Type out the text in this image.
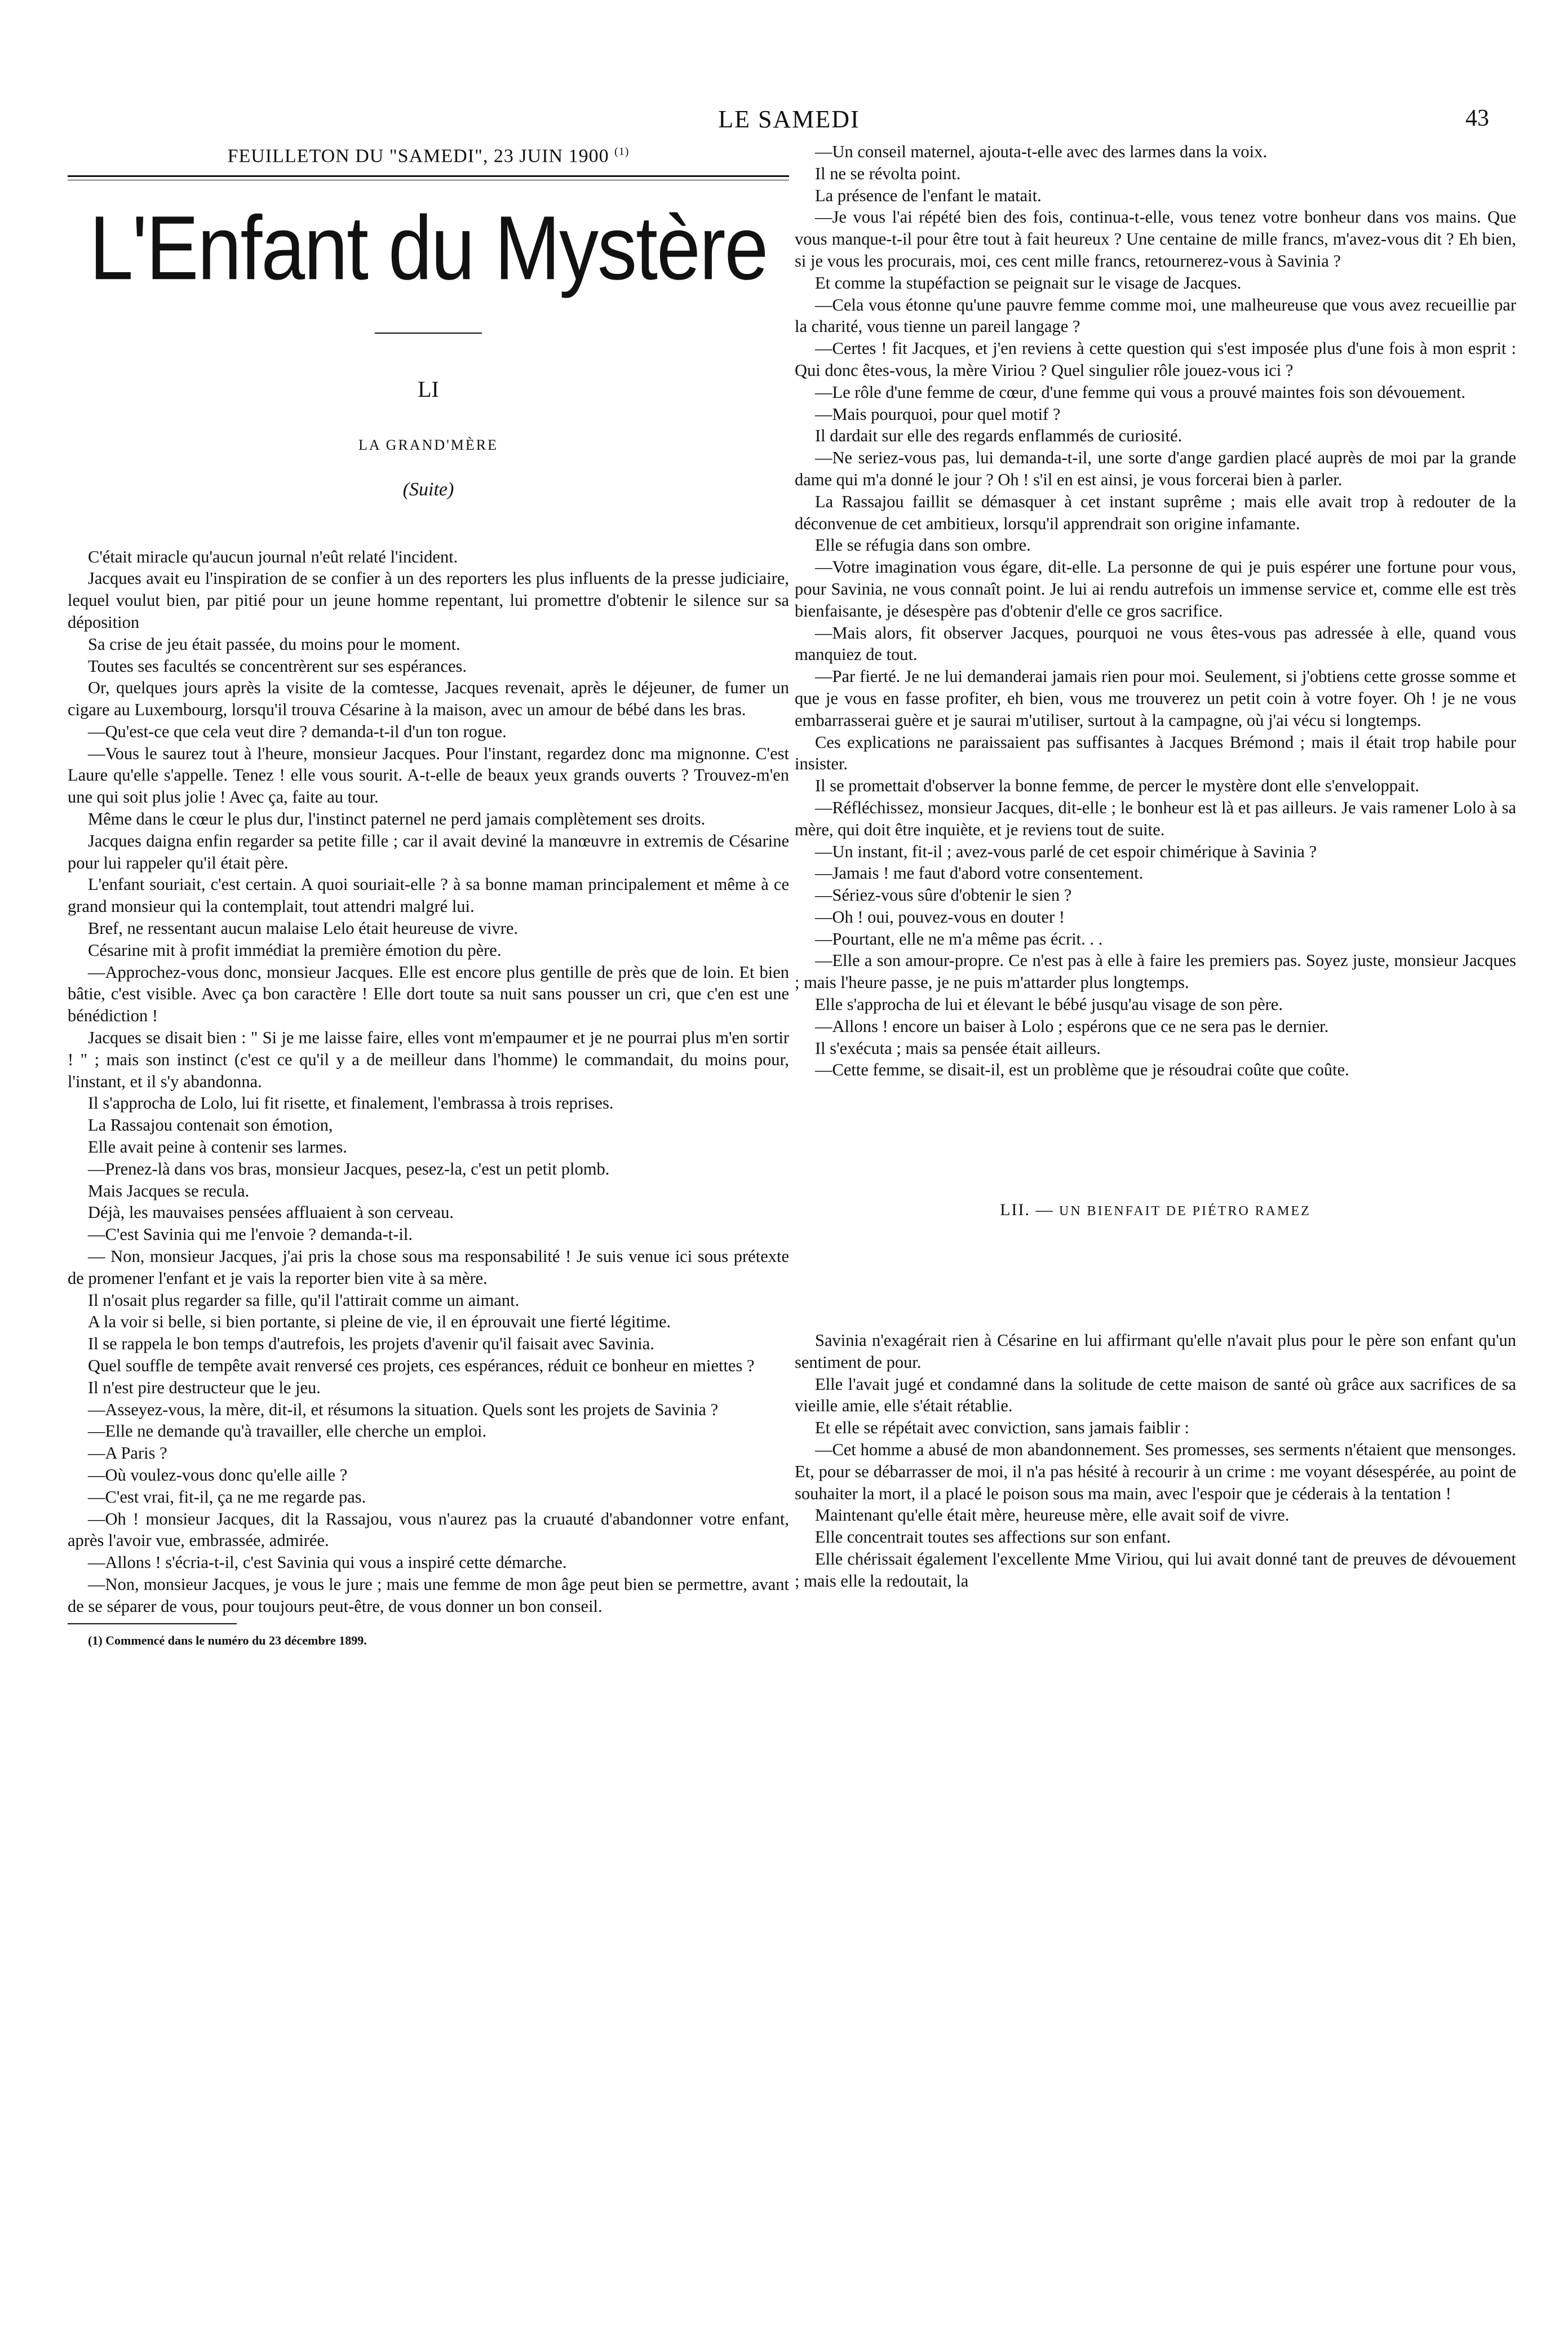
LE SAMEDI	43
FEUILLETON DU "SAMEDI", 23 JUIN 1900 $^{(1)}$
L'Enfant du Mystère
LI
LA GRAND'MÈRE
(Suite)

C'était miracle qu'aucun journal n'eût relaté l'incident.

Jacques avait eu l'inspiration de se confier à un des reporters les plus influents de la presse judiciaire, lequel voulut bien, par pitié pour un jeune homme repentant, lui promettre d'obtenir le silence sur sa déposition

Sa crise de jeu était passée, du moins pour le moment.

Toutes ses facultés se concentrèrent sur ses espérances.

Or, quelques jours après la visite de la comtesse, Jacques revenait, après le déjeuner, de fumer un cigare au Luxembourg, lorsqu'il trouva Césarine à la maison, avec un amour de bébé dans les bras.

—Qu'est-ce que cela veut dire ? demanda-t-il d'un ton rogue.

—Vous le saurez tout à l'heure, monsieur Jacques. Pour l'instant, regardez donc ma mignonne. C'est Laure qu'elle s'appelle. Tenez ! elle vous sourit. A-t-elle de beaux yeux grands ouverts ? Trouvez-m'en une qui soit plus jolie ! Avec ça, faite au tour.

Même dans le cœur le plus dur, l'instinct paternel ne perd jamais complètement ses droits.

Jacques daigna enfin regarder sa petite fille ; car il avait deviné la manœuvre in extremis de Césarine pour lui rappeler qu'il était père.

L'enfant souriait, c'est certain. A quoi souriait-elle ? à sa bonne maman principalement et même à ce grand monsieur qui la contemplait, tout attendri malgré lui.

Bref, ne ressentant aucun malaise Lelo était heureuse de vivre.

Césarine mit à profit immédiat la première émotion du père.

—Approchez-vous donc, monsieur Jacques. Elle est encore plus gentille de près que de loin. Et bien bâtie, c'est visible. Avec ça bon caractère ! Elle dort toute sa nuit sans pousser un cri, que c'en est une bénédiction !

Jacques se disait bien : " Si je me laisse faire, elles vont m'empaumer et je ne pourrai plus m'en sortir ! " ; mais son instinct (c'est ce qu'il y a de meilleur dans l'homme) le commandait, du moins pour, l'instant, et il s'y abandonna.

Il s'approcha de Lolo, lui fit risette, et finalement, l'embrassa à trois reprises.

La Rassajou contenait son émotion,

Elle avait peine à contenir ses larmes.

—Prenez-là dans vos bras, monsieur Jacques, pesez-la, c'est un petit plomb.

Mais Jacques se recula.

Déjà, les mauvaises pensées affluaient à son cerveau.

—C'est Savinia qui me l'envoie ? demanda-t-il.

— Non, monsieur Jacques, j'ai pris la chose sous ma responsabilité ! Je suis venue ici sous prétexte de promener l'enfant et je vais la reporter bien vite à sa mère.

Il n'osait plus regarder sa fille, qu'il l'attirait comme un aimant.

A la voir si belle, si bien portante, si pleine de vie, il en éprouvait une fierté légitime.

Il se rappela le bon temps d'autrefois, les projets d'avenir qu'il faisait avec Savinia.

Quel souffle de tempête avait renversé ces projets, ces espérances, réduit ce bonheur en miettes ?

Il n'est pire destructeur que le jeu.

—Asseyez-vous, la mère, dit-il, et résumons la situation. Quels sont les projets de Savinia ?

—Elle ne demande qu'à travailler, elle cherche un emploi.

—A Paris ?

—Où voulez-vous donc qu'elle aille ?

—C'est vrai, fit-il, ça ne me regarde pas.

—Oh ! monsieur Jacques, dit la Rassajou, vous n'aurez pas la cruauté d'abandonner votre enfant, après l'avoir vue, embrassée, admirée.

—Allons ! s'écria-t-il, c'est Savinia qui vous a inspiré cette démarche.

—Non, monsieur Jacques, je vous le jure ; mais une femme de mon âge peut bien se permettre, avant de se séparer de vous, pour toujours peut-être, de vous donner un bon conseil.

(1) Commencé dans le numéro du 23 décembre 1899.

—Un conseil maternel, ajouta-t-elle avec des larmes dans la voix.

Il ne se révolta point.

La présence de l'enfant le matait.

—Je vous l'ai répété bien des fois, continua-t-elle, vous tenez votre bonheur dans vos mains. Que vous manque-t-il pour être tout à fait heureux ? Une centaine de mille francs, m'avez-vous dit ? Eh bien, si je vous les procurais, moi, ces cent mille francs, retournerez-vous à Savinia ?

Et comme la stupéfaction se peignait sur le visage de Jacques.

—Cela vous étonne qu'une pauvre femme comme moi, une malheureuse que vous avez recueillie par la charité, vous tienne un pareil langage ?

—Certes ! fit Jacques, et j'en reviens à cette question qui s'est imposée plus d'une fois à mon esprit : Qui donc êtes-vous, la mère Viriou ? Quel singulier rôle jouez-vous ici ?

—Le rôle d'une femme de cœur, d'une femme qui vous a prouvé maintes fois son dévouement.

—Mais pourquoi, pour quel motif ?

Il dardait sur elle des regards enflammés de curiosité.

—Ne seriez-vous pas, lui demanda-t-il, une sorte d'ange gardien placé auprès de moi par la grande dame qui m'a donné le jour ? Oh ! s'il en est ainsi, je vous forcerai bien à parler.

La Rassajou faillit se démasquer à cet instant suprême ; mais elle avait trop à redouter de la déconvenue de cet ambitieux, lorsqu'il apprendrait son origine infamante.

Elle se réfugia dans son ombre.

—Votre imagination vous égare, dit-elle. La personne de qui je puis espérer une fortune pour vous, pour Savinia, ne vous connaît point. Je lui ai rendu autrefois un immense service et, comme elle est très bienfaisante, je désespère pas d'obtenir d'elle ce gros sacrifice.

—Mais alors, fit observer Jacques, pourquoi ne vous êtes-vous pas adressée à elle, quand vous manquiez de tout.

—Par fierté. Je ne lui demanderai jamais rien pour moi. Seulement, si j'obtiens cette grosse somme et que je vous en fasse profiter, eh bien, vous me trouverez un petit coin à votre foyer. Oh ! je ne vous embarrasserai guère et je saurai m'utiliser, surtout à la campagne, où j'ai vécu si longtemps.

Ces explications ne paraissaient pas suffisantes à Jacques Brémond ; mais il était trop habile pour insister.

Il se promettait d'observer la bonne femme, de percer le mystère dont elle s'enveloppait.

—Réfléchissez, monsieur Jacques, dit-elle ; le bonheur est là et pas ailleurs. Je vais ramener Lolo à sa mère, qui doit être inquiète, et je reviens tout de suite.

—Un instant, fit-il ; avez-vous parlé de cet espoir chimérique à Savinia ?

—Jamais ! me faut d'abord votre consentement.

—Sériez-vous sûre d'obtenir le sien ?

—Oh ! oui, pouvez-vous en douter !

—Pourtant, elle ne m'a même pas écrit. . .

—Elle a son amour-propre. Ce n'est pas à elle à faire les premiers pas. Soyez juste, monsieur Jacques ; mais l'heure passe, je ne puis m'attarder plus longtemps.

Elle s'approcha de lui et élevant le bébé jusqu'au visage de son père.

—Allons ! encore un baiser à Lolo ; espérons que ce ne sera pas le dernier.

Il s'exécuta ; mais sa pensée était ailleurs.

—Cette femme, se disait-il, est un problème que je résoudrai coûte que coûte.

LII. — UN BIENFAIT DE PIÉTRO RAMEZ

Savinia n'exagérait rien à Césarine en lui affirmant qu'elle n'avait plus pour le père son enfant qu'un sentiment de pour.

Elle l'avait jugé et condamné dans la solitude de cette maison de santé où grâce aux sacrifices de sa vieille amie, elle s'était rétablie.

Et elle se répétait avec conviction, sans jamais faiblir :

—Cet homme a abusé de mon abandonnement. Ses promesses, ses serments n'étaient que mensonges. Et, pour se débarrasser de moi, il n'a pas hésité à recourir à un crime : me voyant désespérée, au point de souhaiter la mort, il a placé le poison sous ma main, avec l'espoir que je céderais à la tentation !

Maintenant qu'elle était mère, heureuse mère, elle avait soif de vivre.

Elle concentrait toutes ses affections sur son enfant.

Elle chérissait également l'excellente Mme Viriou, qui lui avait donné tant de preuves de dévouement ; mais elle la redoutait, la
